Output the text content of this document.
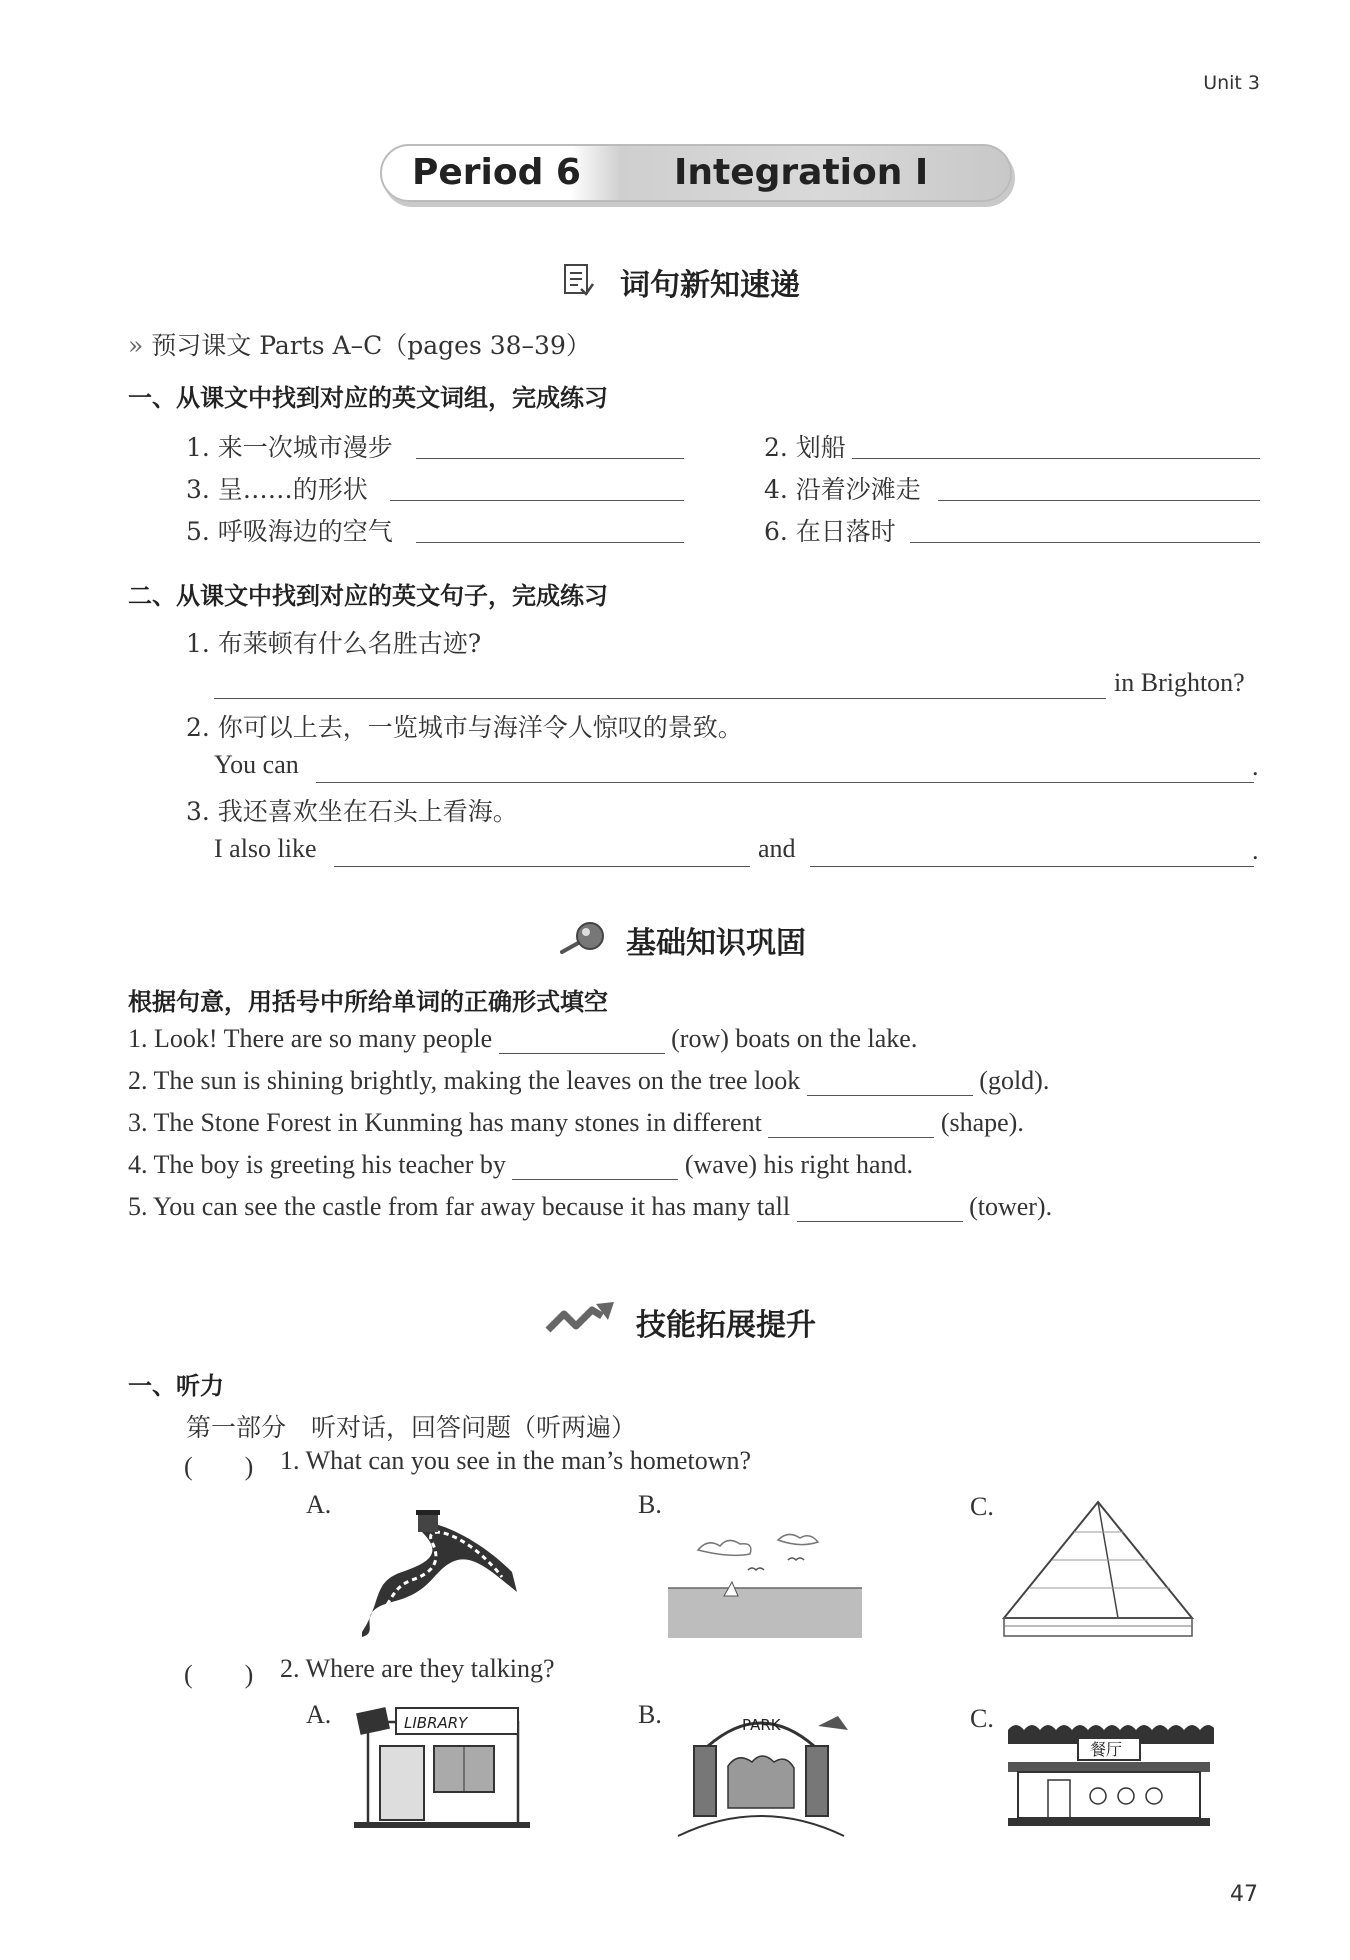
Unit 3
Period 6	Integration I
词句新知速递
» 预习课文 Parts A–C（pages 38–39）
一、从课文中找到对应的英文词组，完成练习
1. 来一次城市漫步	2. 划船
3. 呈……的形状	4. 沿着沙滩走
5. 呼吸海边的空气	6. 在日落时
二、从课文中找到对应的英文句子，完成练习
1. 布莱顿有什么名胜古迹?
in Brighton?
2. 你可以上去，一览城市与海洋令人惊叹的景致。
You can	.
3. 我还喜欢坐在石头上看海。
I also like	and	.
基础知识巩固
根据句意，用括号中所给单词的正确形式填空
1. Look! There are so many people	(row) boats on the lake.
2. The sun is shining brightly, making the leaves on the tree look	(gold).
3. The Stone Forest in Kunming has many stones in different	(shape).
4. The boy is greeting his teacher by	(wave) his right hand.
5. You can see the castle from far away because it has many tall	(tower).
技能拓展提升
一、听力
第一部分　听对话，回答问题（听两遍）
(　　) 1. What can you see in the man’s hometown?
A.	B.	C.
(　　) 2. Where are they talking?
A.	LIBRARY	B.	PARK	C.
餐厅
47
